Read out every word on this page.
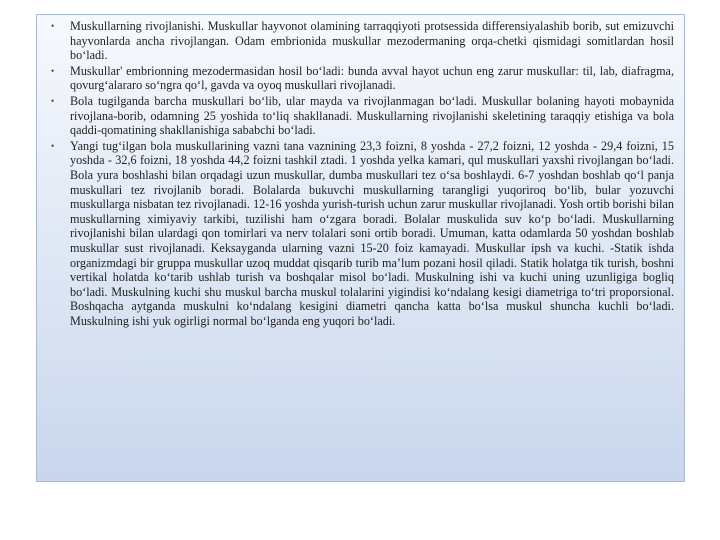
• Muskullarning rivojlanishi. Muskullar hayvonot olamining tarraqqiyoti protsessida differensiyalashib borib, sut emizuvchi hayvonlarda ancha rivojlangan. Odam embrionida muskullar mezodermaning orqa-chetki qismidagi somitlardan hosil bo‘ladi.
• Muskullar' embrionning mezodermasidan hosil bo‘ladi: bunda avval hayot uchun eng zarur muskullar: til, lab, diafragma, qovurg‘alararo so‘ngra qo‘l, gavda va oyoq muskullari rivojlanadi.
• Bola tugilganda barcha muskullari bo‘lib, ular mayda va rivojlanmagan bo‘ladi. Muskullar bolaning hayoti mobaynida rivojlana-borib, odamning 25 yoshida to‘liq shakllanadi. Muskullarning rivojlanishi skeletining taraqqiy etishiga va bola qaddi-qomatining shakllanishiga sababchi bo‘ladi.
• Yangi tug‘ilgan bola muskullarining vazni tana vaznining 23,3 foizni, 8 yoshda - 27,2 foizni, 12 yoshda - 29,4 foizni, 15 yoshda - 32,6 foizni, 18 yoshda 44,2 foizni tashkil ztadi. 1 yoshda yelka kamari, qul muskullari yaxshi rivojlangan bo‘ladi. Bola yura boshlashi bilan orqadagi uzun muskullar, dumba muskullari tez o‘sa boshlaydi. 6-7 yoshdan boshlab qo‘l panja muskullari tez rivojlanib boradi. Bolalarda bukuvchi muskullarning tarangligi yuqoriroq bo‘lib, bular yozuvchi muskullarga nisbatan tez rivojlanadi. 12-16 yoshda yurish-turish uchun zarur muskullar rivojlanadi. Yosh ortib borishi bilan muskullarning ximiyaviy tarkibi, tuzilishi ham o‘zgara boradi. Bolalar muskulida suv ko‘p bo‘ladi. Muskullarning rivojlanishi bilan ulardagi qon tomirlari va nerv tolalari soni ortib boradi. Umuman, katta odamlarda 50 yoshdan boshlab muskullar sust rivojlanadi. Keksayganda ularning vazni 15-20 foiz kamayadi. Muskullar ipsh va kuchi. -Statik ishda organizmdagi bir gruppa muskullar uzoq muddat qisqarib turib ma’lum pozani hosil qiladi. Statik holatga tik turish, boshni vertikal holatda ko‘tarib ushlab turish va boshqalar misol bo‘ladi. Muskulning ishi va kuchi uning uzunligiga bogliq bo‘ladi. Muskulning kuchi shu muskul barcha muskul tolalarini yigindisi ko‘ndalang kesigi diametriga to‘tri proporsional. Boshqacha aytganda muskulni ko‘ndalang kesigini diametri qancha katta bo‘lsa muskul shuncha kuchli bo‘ladi. Muskulning ishi yuk ogirligi normal bo‘lganda eng yuqori bo‘ladi.
